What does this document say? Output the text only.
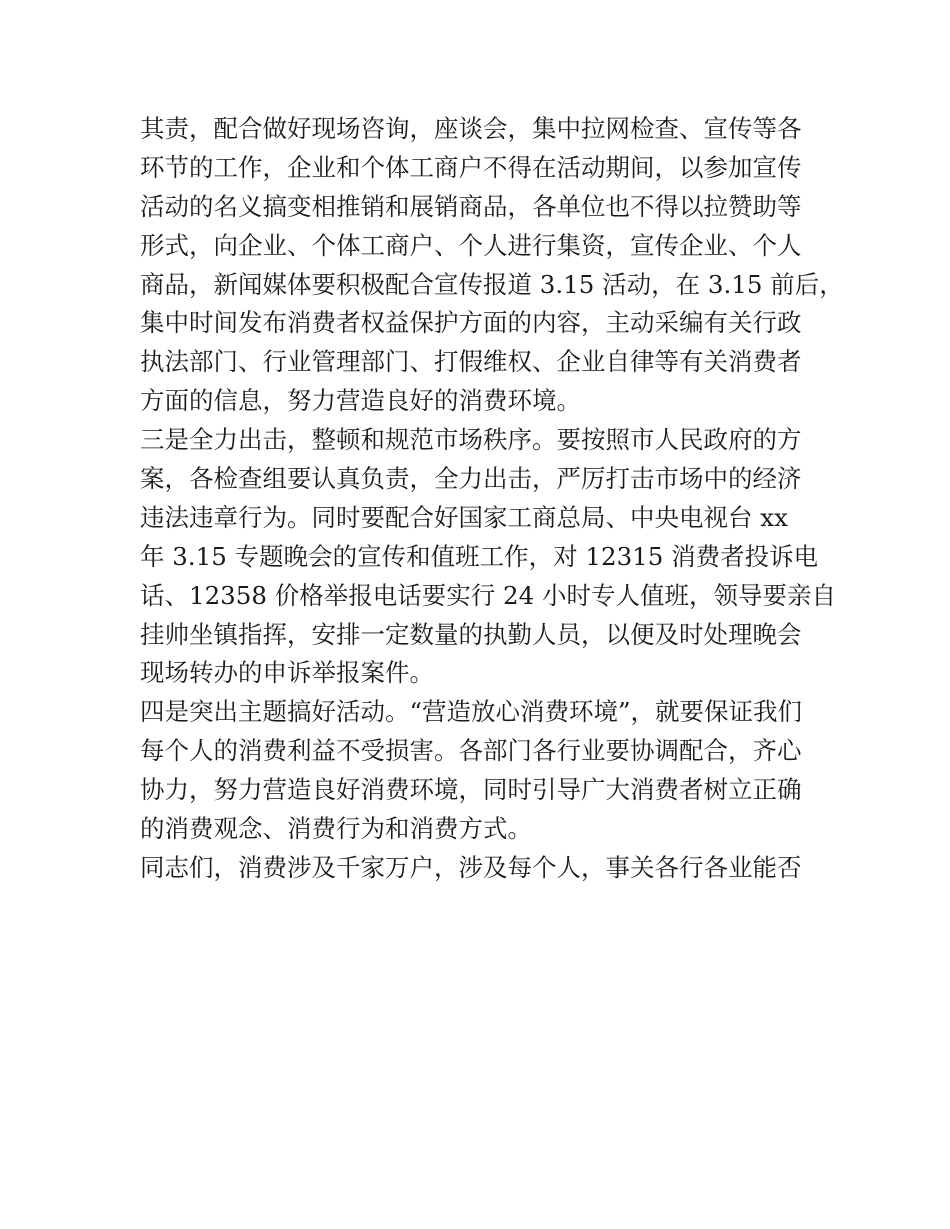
其责，配合做好现场咨询，座谈会，集中拉网检查、宣传等各
环节的工作，企业和个体工商户不得在活动期间，以参加宣传
活动的名义搞变相推销和展销商品，各单位也不得以拉赞助等
形式，向企业、个体工商户、个人进行集资，宣传企业、个人
商品，新闻媒体要积极配合宣传报道 3.15 活动，在 3.15 前后，
集中时间发布消费者权益保护方面的内容，主动采编有关行政
执法部门、行业管理部门、打假维权、企业自律等有关消费者
方面的信息，努力营造良好的消费环境。
三是全力出击，整顿和规范市场秩序。要按照市人民政府的方
案，各检查组要认真负责，全力出击，严厉打击市场中的经济
违法违章行为。同时要配合好国家工商总局、中央电视台 xx
年 3.15 专题晚会的宣传和值班工作，对 12315 消费者投诉电
话、12358 价格举报电话要实行 24 小时专人值班，领导要亲自
挂帅坐镇指挥，安排一定数量的执勤人员，以便及时处理晚会
现场转办的申诉举报案件。
四是突出主题搞好活动。“营造放心消费环境”，就要保证我们
每个人的消费利益不受损害。各部门各行业要协调配合，齐心
协力，努力营造良好消费环境，同时引导广大消费者树立正确
的消费观念、消费行为和消费方式。
同志们，消费涉及千家万户，涉及每个人，事关各行各业能否
